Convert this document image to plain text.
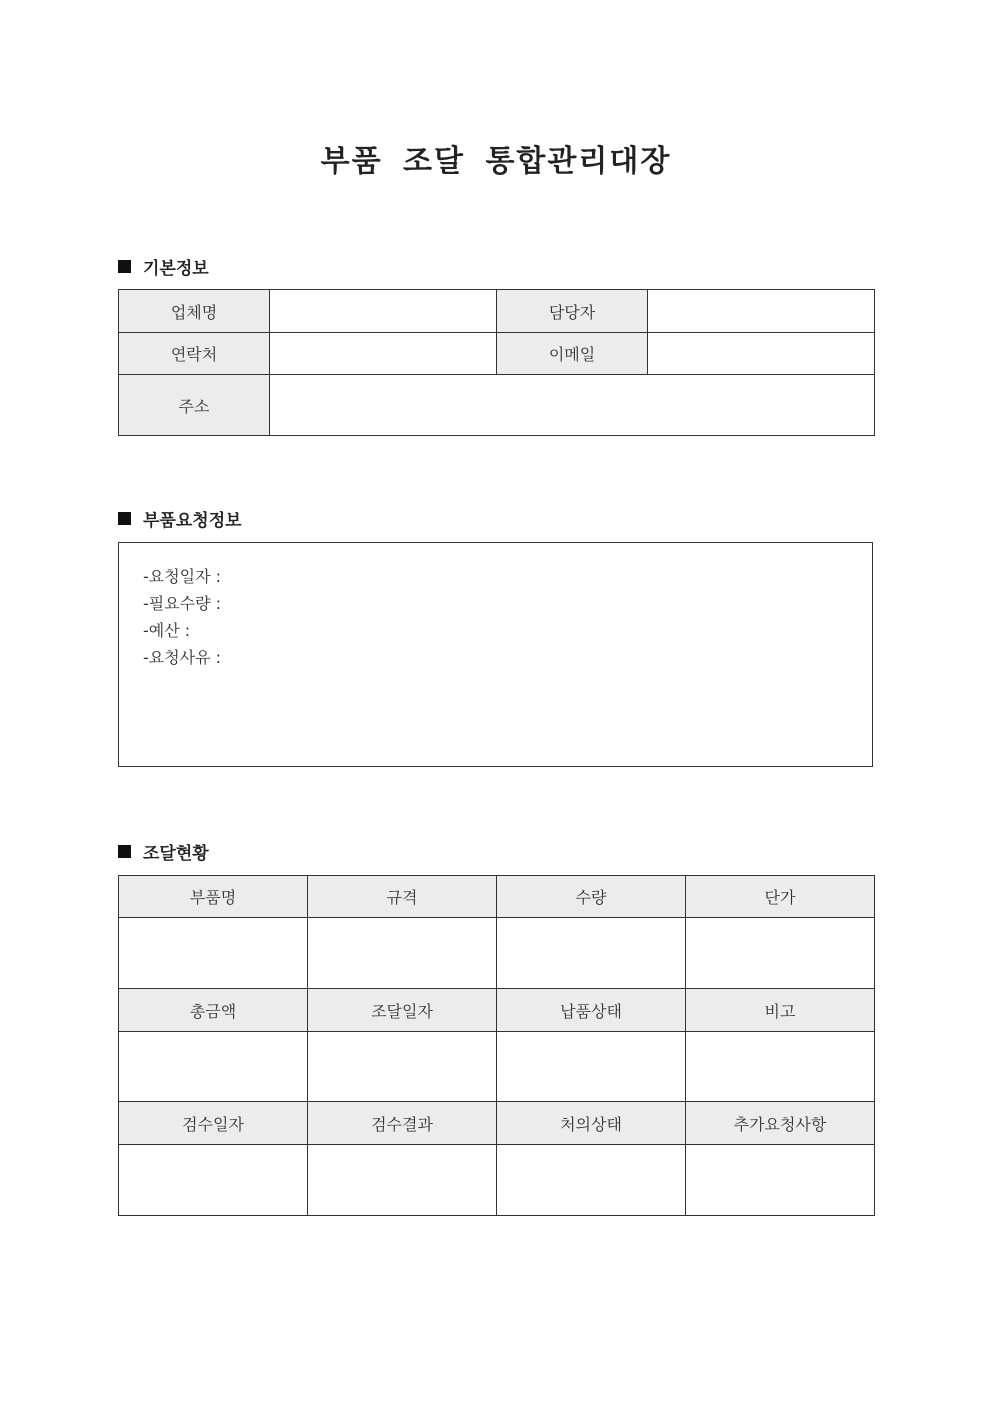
부품 조달 통합관리대장
기본정보
업체명		담당자	
연락처		이메일	
주소			
부품요청정보
-요청일자 :
-필요수량 :
-예산 :
-요청사유 :
조달현황
부품명	규격	수량	단가

총금액	조달일자	납품상태	비고

검수일자	검수결과	처의상태	추가요청사항
